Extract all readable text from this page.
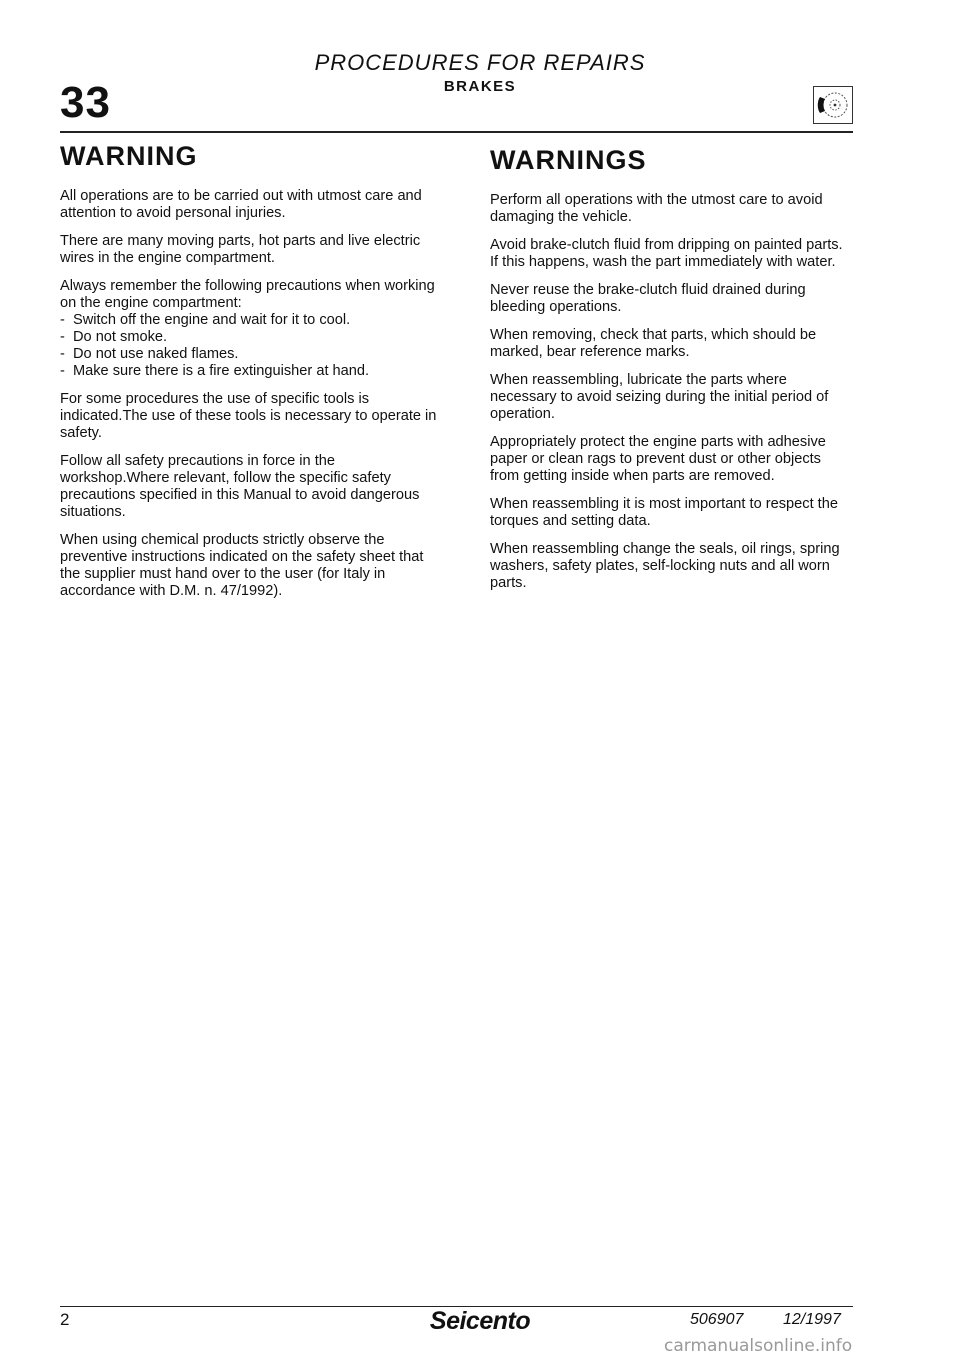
PROCEDURES FOR REPAIRS
BRAKES
33
WARNING

All operations are to be carried out with utmost care and attention to avoid personal injuries.

There are many moving parts, hot parts and live electric wires in the engine compartment.

Always remember the following precautions when working on the engine compartment:

-  Switch off the engine and wait for it to cool.
-  Do not smoke.
-  Do not use naked flames.
-  Make sure there is a fire extinguisher at hand.

For some procedures the use of specific tools is indicated.The use of these tools is necessary to operate in safety.

Follow all safety precautions in force in the workshop.Where relevant, follow the specific safety precautions specified in this Manual to avoid dangerous situations.

When using chemical products strictly observe the preventive instructions indicated on the safety sheet that the supplier must hand over to the user (for Italy in accordance with D.M. n. 47/1992).

WARNINGS

Perform all operations with the utmost care to avoid damaging the vehicle.

Avoid brake-clutch fluid from dripping on painted parts. If this happens, wash the part immediately with water.

Never reuse the brake-clutch fluid drained during bleeding operations.

When removing, check that parts, which should be marked, bear reference marks.

When reassembling, lubricate the parts where necessary to avoid seizing during the initial period of operation.

Appropriately protect the engine parts with adhesive paper or clean rags to prevent dust or other objects from getting inside when parts are removed.

When reassembling it is most important to respect the torques and setting data.

When reassembling change the seals, oil rings, spring washers, safety plates, self-locking nuts and all worn parts.

2	Seicento	506907 12/1997
carmanualsonline.info
